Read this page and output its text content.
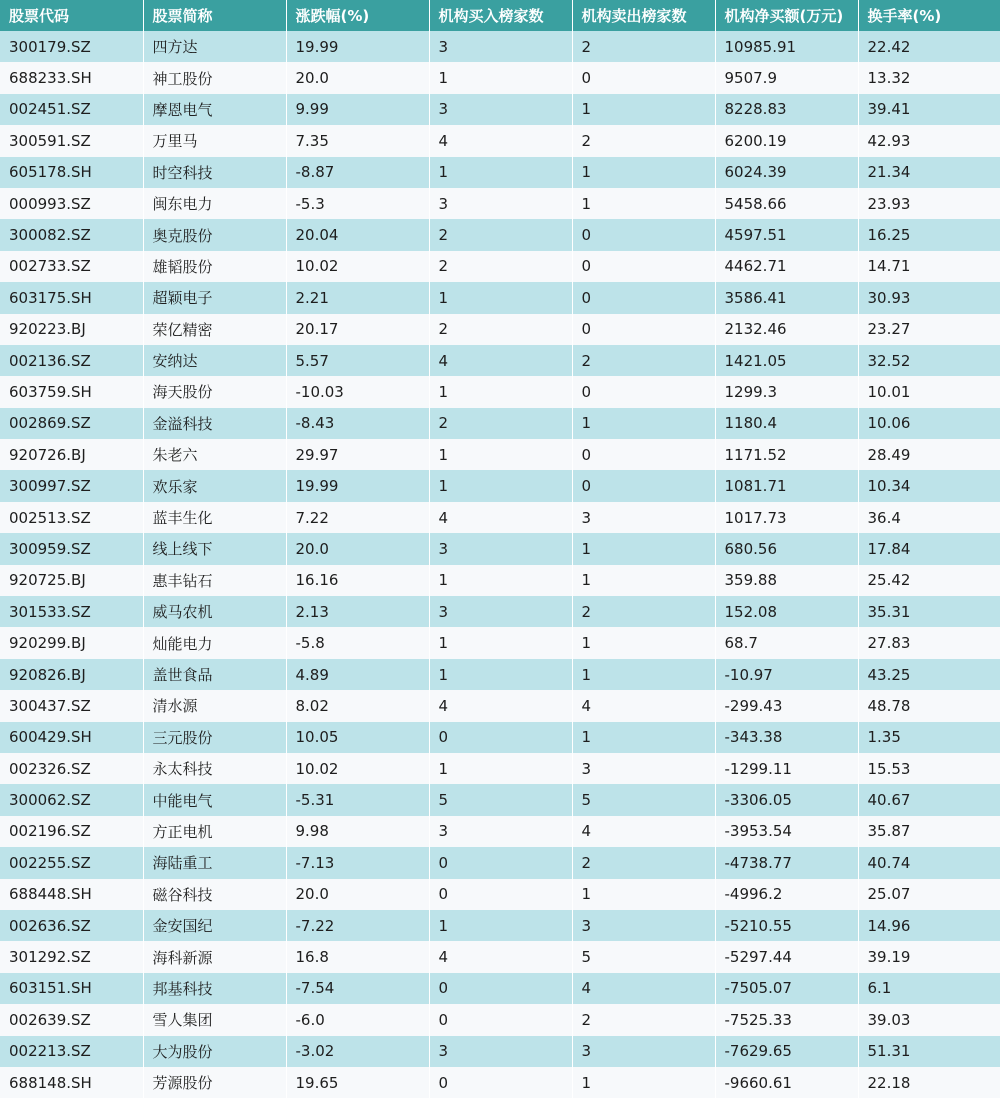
股票代码	股票简称	涨跌幅(%)	机构买入榜家数	机构卖出榜家数	机构净买额(万元)	换手率(%)
300179.SZ	四方达	19.99	3	2	10985.91	22.42
688233.SH	神工股份	20.0	1	0	9507.9	13.32
002451.SZ	摩恩电气	9.99	3	1	8228.83	39.41
300591.SZ	万里马	7.35	4	2	6200.19	42.93
605178.SH	时空科技	-8.87	1	1	6024.39	21.34
000993.SZ	闽东电力	-5.3	3	1	5458.66	23.93
300082.SZ	奥克股份	20.04	2	0	4597.51	16.25
002733.SZ	雄韬股份	10.02	2	0	4462.71	14.71
603175.SH	超颖电子	2.21	1	0	3586.41	30.93
920223.BJ	荣亿精密	20.17	2	0	2132.46	23.27
002136.SZ	安纳达	5.57	4	2	1421.05	32.52
603759.SH	海天股份	-10.03	1	0	1299.3	10.01
002869.SZ	金溢科技	-8.43	2	1	1180.4	10.06
920726.BJ	朱老六	29.97	1	0	1171.52	28.49
300997.SZ	欢乐家	19.99	1	0	1081.71	10.34
002513.SZ	蓝丰生化	7.22	4	3	1017.73	36.4
300959.SZ	线上线下	20.0	3	1	680.56	17.84
920725.BJ	惠丰钻石	16.16	1	1	359.88	25.42
301533.SZ	威马农机	2.13	3	2	152.08	35.31
920299.BJ	灿能电力	-5.8	1	1	68.7	27.83
920826.BJ	盖世食品	4.89	1	1	-10.97	43.25
300437.SZ	清水源	8.02	4	4	-299.43	48.78
600429.SH	三元股份	10.05	0	1	-343.38	1.35
002326.SZ	永太科技	10.02	1	3	-1299.11	15.53
300062.SZ	中能电气	-5.31	5	5	-3306.05	40.67
002196.SZ	方正电机	9.98	3	4	-3953.54	35.87
002255.SZ	海陆重工	-7.13	0	2	-4738.77	40.74
688448.SH	磁谷科技	20.0	0	1	-4996.2	25.07
002636.SZ	金安国纪	-7.22	1	3	-5210.55	14.96
301292.SZ	海科新源	16.8	4	5	-5297.44	39.19
603151.SH	邦基科技	-7.54	0	4	-7505.07	6.1
002639.SZ	雪人集团	-6.0	0	2	-7525.33	39.03
002213.SZ	大为股份	-3.02	3	3	-7629.65	51.31
688148.SH	芳源股份	19.65	0	1	-9660.61	22.18
